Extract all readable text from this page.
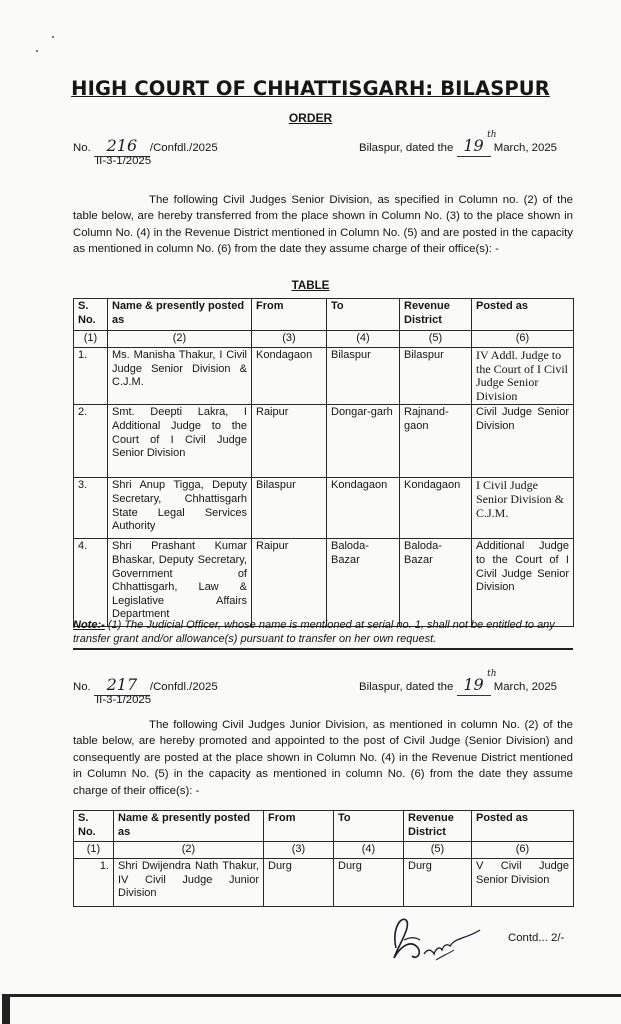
HIGH COURT OF CHHATTISGARH: BILASPUR
ORDER
No. 216 /Confdl./2025
II-3-1/2025
Bilaspur, dated the 19
th
March, 2025

The following Civil Judges Senior Division, as specified in Column no. (2) of the table below, are hereby transferred from the place shown in Column No. (3) to the place shown in Column No. (4) in the Revenue District mentioned in Column No. (5) and are posted in the capacity as mentioned in column No. (6) from the date they assume charge of their office(s): -

TABLE
S. No.	Name & presently posted as	From	To	Revenue District	Posted as
(1)	(2)	(3)	(4)	(5)	(6)
1.	Ms. Manisha Thakur, I Civil Judge Senior Division & C.J.M.	Kondagaon	Bilaspur	Bilaspur	IV Addl. Judge to the Court of I Civil Judge Senior Division
2.	Smt. Deepti Lakra, I Additional Judge to the Court of I Civil Judge Senior Division	Raipur	Dongar-garh	Rajnand-gaon	Civil Judge Senior Division
3.	Shri Anup Tigga, Deputy Secretary, Chhattisgarh State Legal Services Authority	Bilaspur	Kondagaon	Kondagaon	I Civil Judge Senior Division & C.J.M.
4.	Shri Prashant Kumar Bhaskar, Deputy Secretary, Government of Chhattisgarh, Law & Legislative Affairs Department	Raipur	Baloda-Bazar	Baloda-Bazar	Additional Judge to the Court of I Civil Judge Senior Division
Note:- (1) The Judicial Officer, whose name is mentioned at serial no. 1, shall not be entitled to any transfer grant and/or allowance(s) pursuant to transfer on her own request.
No. 217 /Confdl./2025
II-3-1/2025
Bilaspur, dated the 19
th
March, 2025

The following Civil Judges Junior Division, as mentioned in column No. (2) of the table below, are hereby promoted and appointed to the post of Civil Judge (Senior Division) and consequently are posted at the place shown in Column No. (4) in the Revenue District mentioned in Column No. (5) in the capacity as mentioned in column No. (6) from the date they assume charge of their office(s): -

S. No.	Name & presently posted as	From	To	Revenue District	Posted as
(1)	(2)	(3)	(4)	(5)	(6)
1.	Shri Dwijendra Nath Thakur, IV Civil Judge Junior Division	Durg	Durg	Durg	V Civil Judge Senior Division
Contd... 2/-
